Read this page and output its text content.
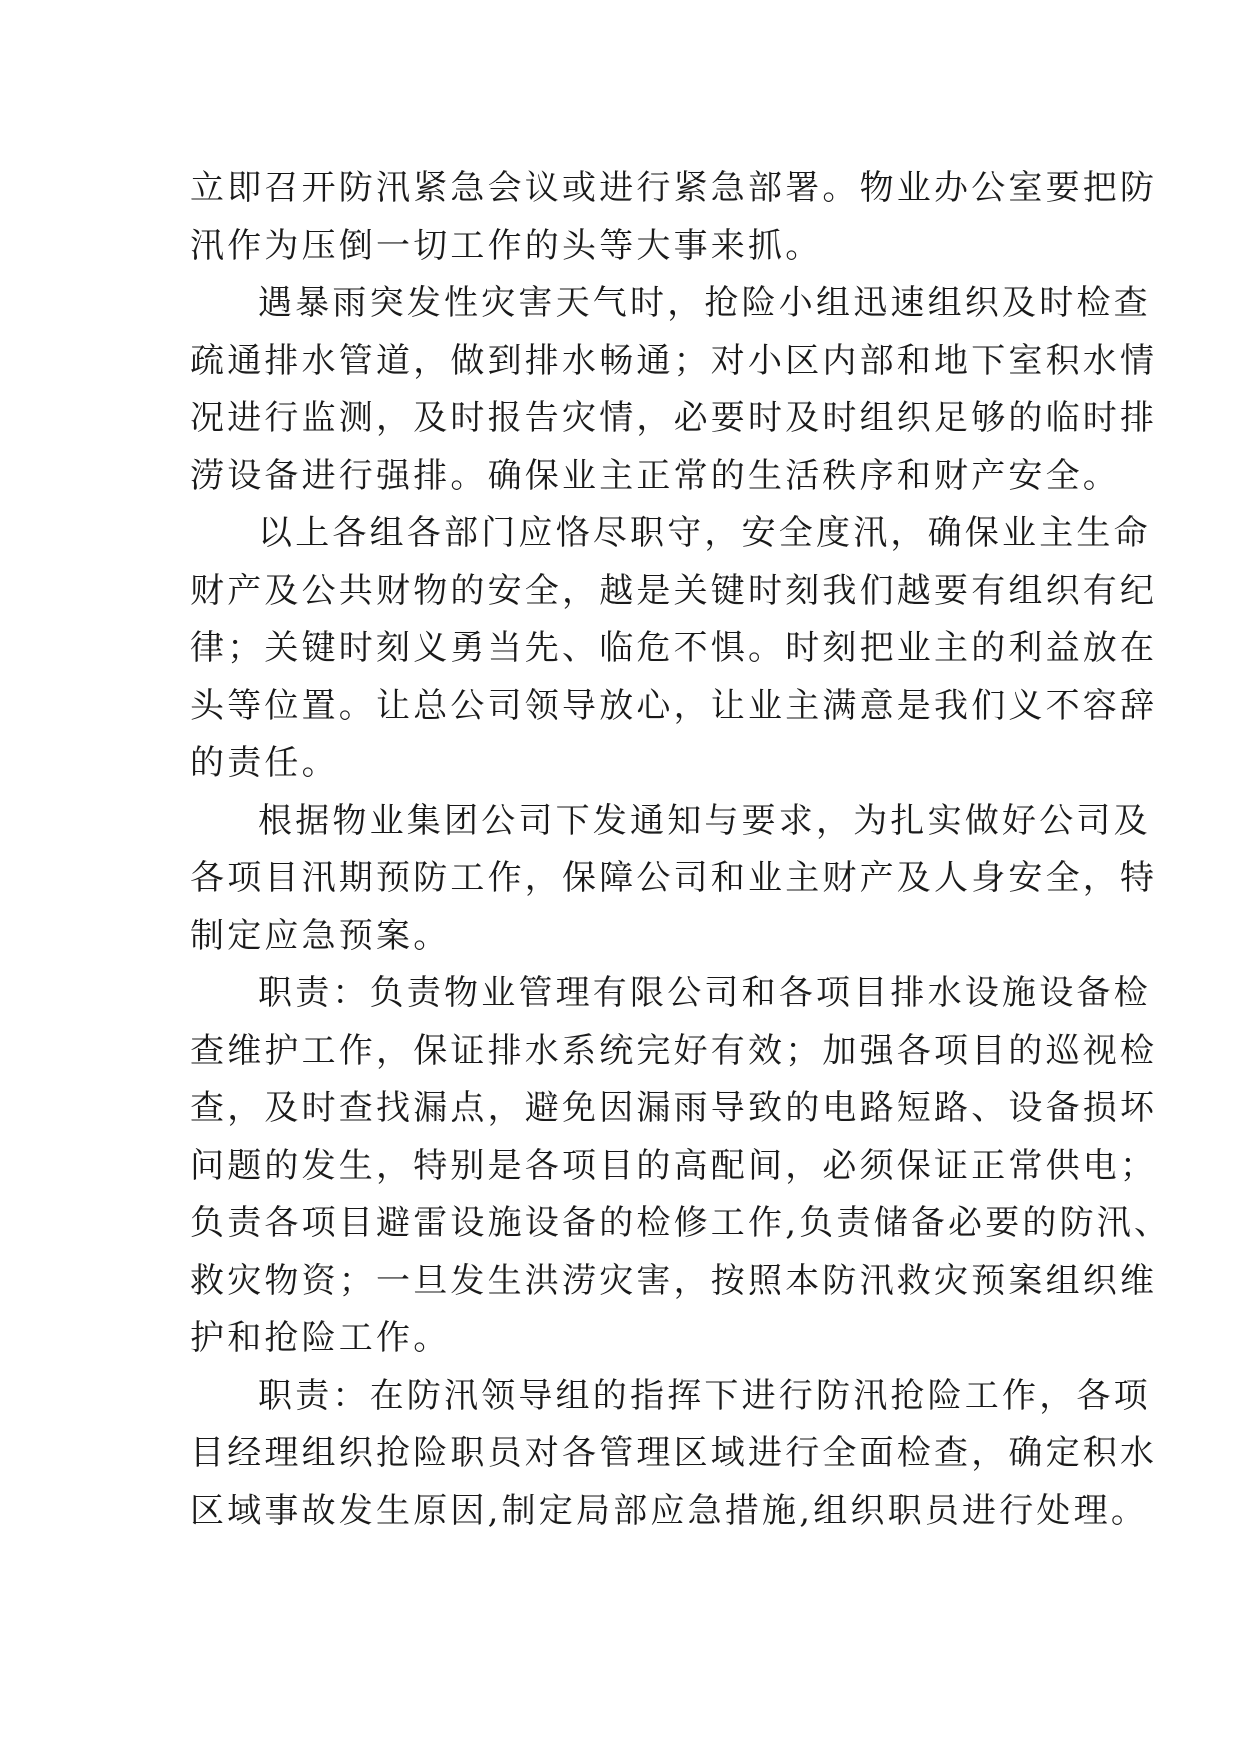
立即召开防汛紧急会议或进行紧急部署。物业办公室要把防
汛作为压倒一切工作的头等大事来抓。
遇暴雨突发性灾害天气时，抢险小组迅速组织及时检查
疏通排水管道，做到排水畅通；对小区内部和地下室积水情
况进行监测，及时报告灾情，必要时及时组织足够的临时排
涝设备进行强排。确保业主正常的生活秩序和财产安全。
以上各组各部门应恪尽职守，安全度汛，确保业主生命
财产及公共财物的安全，越是关键时刻我们越要有组织有纪
律；关键时刻义勇当先、临危不惧。时刻把业主的利益放在
头等位置。让总公司领导放心，让业主满意是我们义不容辞
的责任。
根据物业集团公司下发通知与要求，为扎实做好公司及
各项目汛期预防工作，保障公司和业主财产及人身安全，特
制定应急预案。
职责：负责物业管理有限公司和各项目排水设施设备检
查维护工作，保证排水系统完好有效；加强各项目的巡视检
查，及时查找漏点，避免因漏雨导致的电路短路、设备损坏
问题的发生，特别是各项目的高配间，必须保证正常供电；
负责各项目避雷设施设备的检修工作,负责储备必要的防汛、
救灾物资；一旦发生洪涝灾害，按照本防汛救灾预案组织维
护和抢险工作。
职责：在防汛领导组的指挥下进行防汛抢险工作，各项
目经理组织抢险职员对各管理区域进行全面检查，确定积水
区域事故发生原因,制定局部应急措施,组织职员进行处理。
